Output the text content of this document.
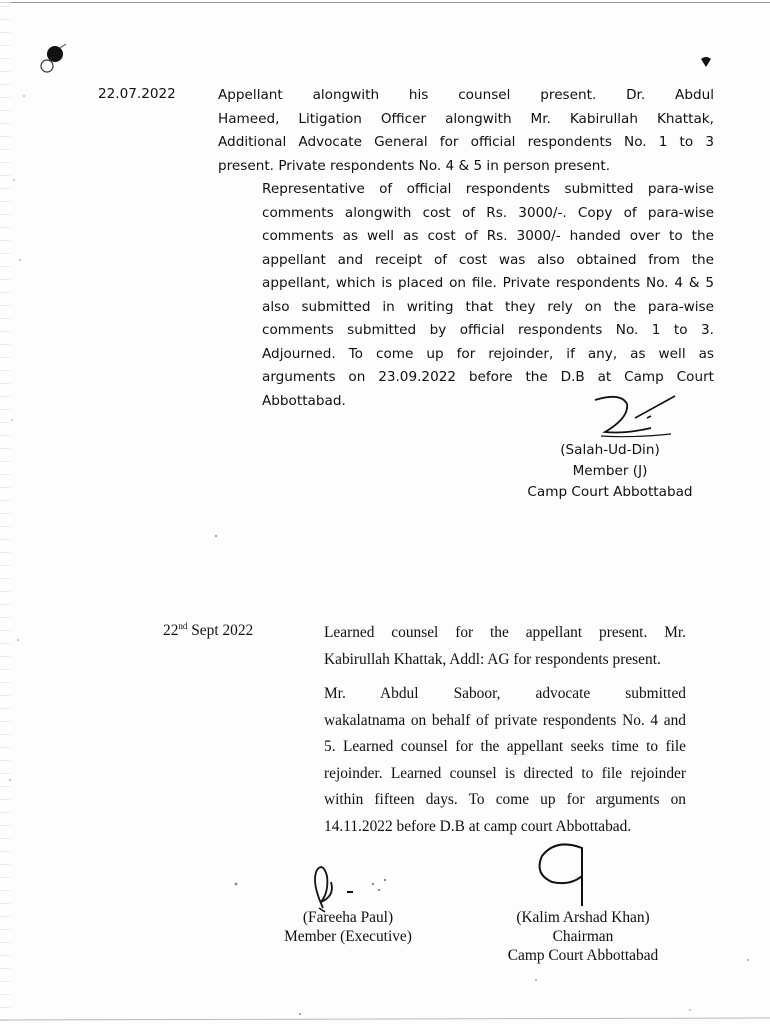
22.07.2022	Appellant alongwith his counsel present. Dr. Abdul
Hameed, Litigation Officer alongwith Mr. Kabirullah Khattak,
Additional Advocate General for official respondents No. 1 to 3
present. Private respondents No. 4 & 5 in person present.

Representative of official respondents submitted para-wise
comments alongwith cost of Rs. 3000/-. Copy of para-wise
comments as well as cost of Rs. 3000/- handed over to the
appellant and receipt of cost was also obtained from the
appellant, which is placed on file. Private respondents No. 4 & 5
also submitted in writing that they rely on the para-wise
comments submitted by official respondents No. 1 to 3.
Adjourned. To come up for rejoinder, if any, as well as
arguments on 23.09.2022 before the D.B at Camp Court
Abbottabad.

(Salah-Ud-Din)
Member (J)
Camp Court Abbottabad
22nd Sept 2022	Learned counsel for the appellant present. Mr.
Kabirullah Khattak, Addl: AG for respondents present.

Mr. Abdul Saboor, advocate submitted
wakalatnama on behalf of private respondents No. 4 and
5. Learned counsel for the appellant seeks time to file
rejoinder. Learned counsel is directed to file rejoinder
within fifteen days. To come up for arguments on
14.11.2022 before D.B at camp court Abbottabad.

(Fareeha Paul)
Member (Executive)
(Kalim Arshad Khan)
Chairman
Camp Court Abbottabad
